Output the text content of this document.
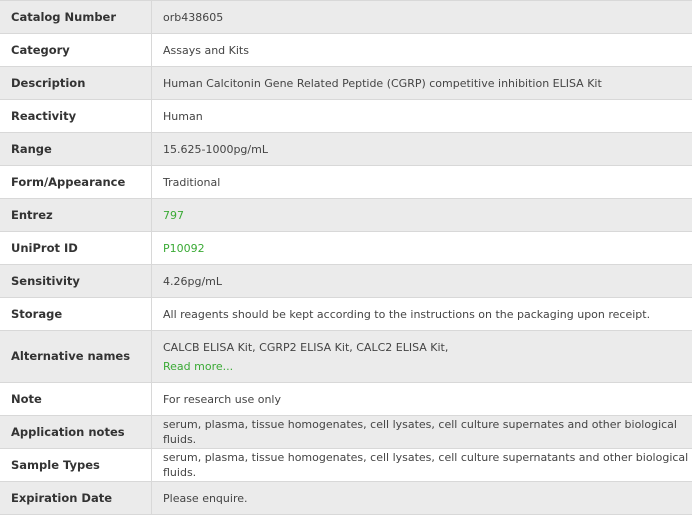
Catalog Number	orb438605
Category	Assays and Kits
Description	Human Calcitonin Gene Related Peptide (CGRP) competitive inhibition ELISA Kit
Reactivity	Human
Range	15.625-1000pg/mL
Form/Appearance	Traditional
Entrez	797
UniProt ID	P10092
Sensitivity	4.26pg/mL
Storage	All reagents should be kept according to the instructions on the packaging upon receipt.
Alternative names	CALCB ELISA Kit, CGRP2 ELISA Kit, CALC2 ELISA Kit,
Read more...

Note	For research use only
Application notes	serum, plasma, tissue homogenates, cell lysates, cell culture supernates and other biological fluids.
Sample Types	serum, plasma, tissue homogenates, cell lysates, cell culture supernatants and other biological fluids.
Expiration Date	Please enquire.
